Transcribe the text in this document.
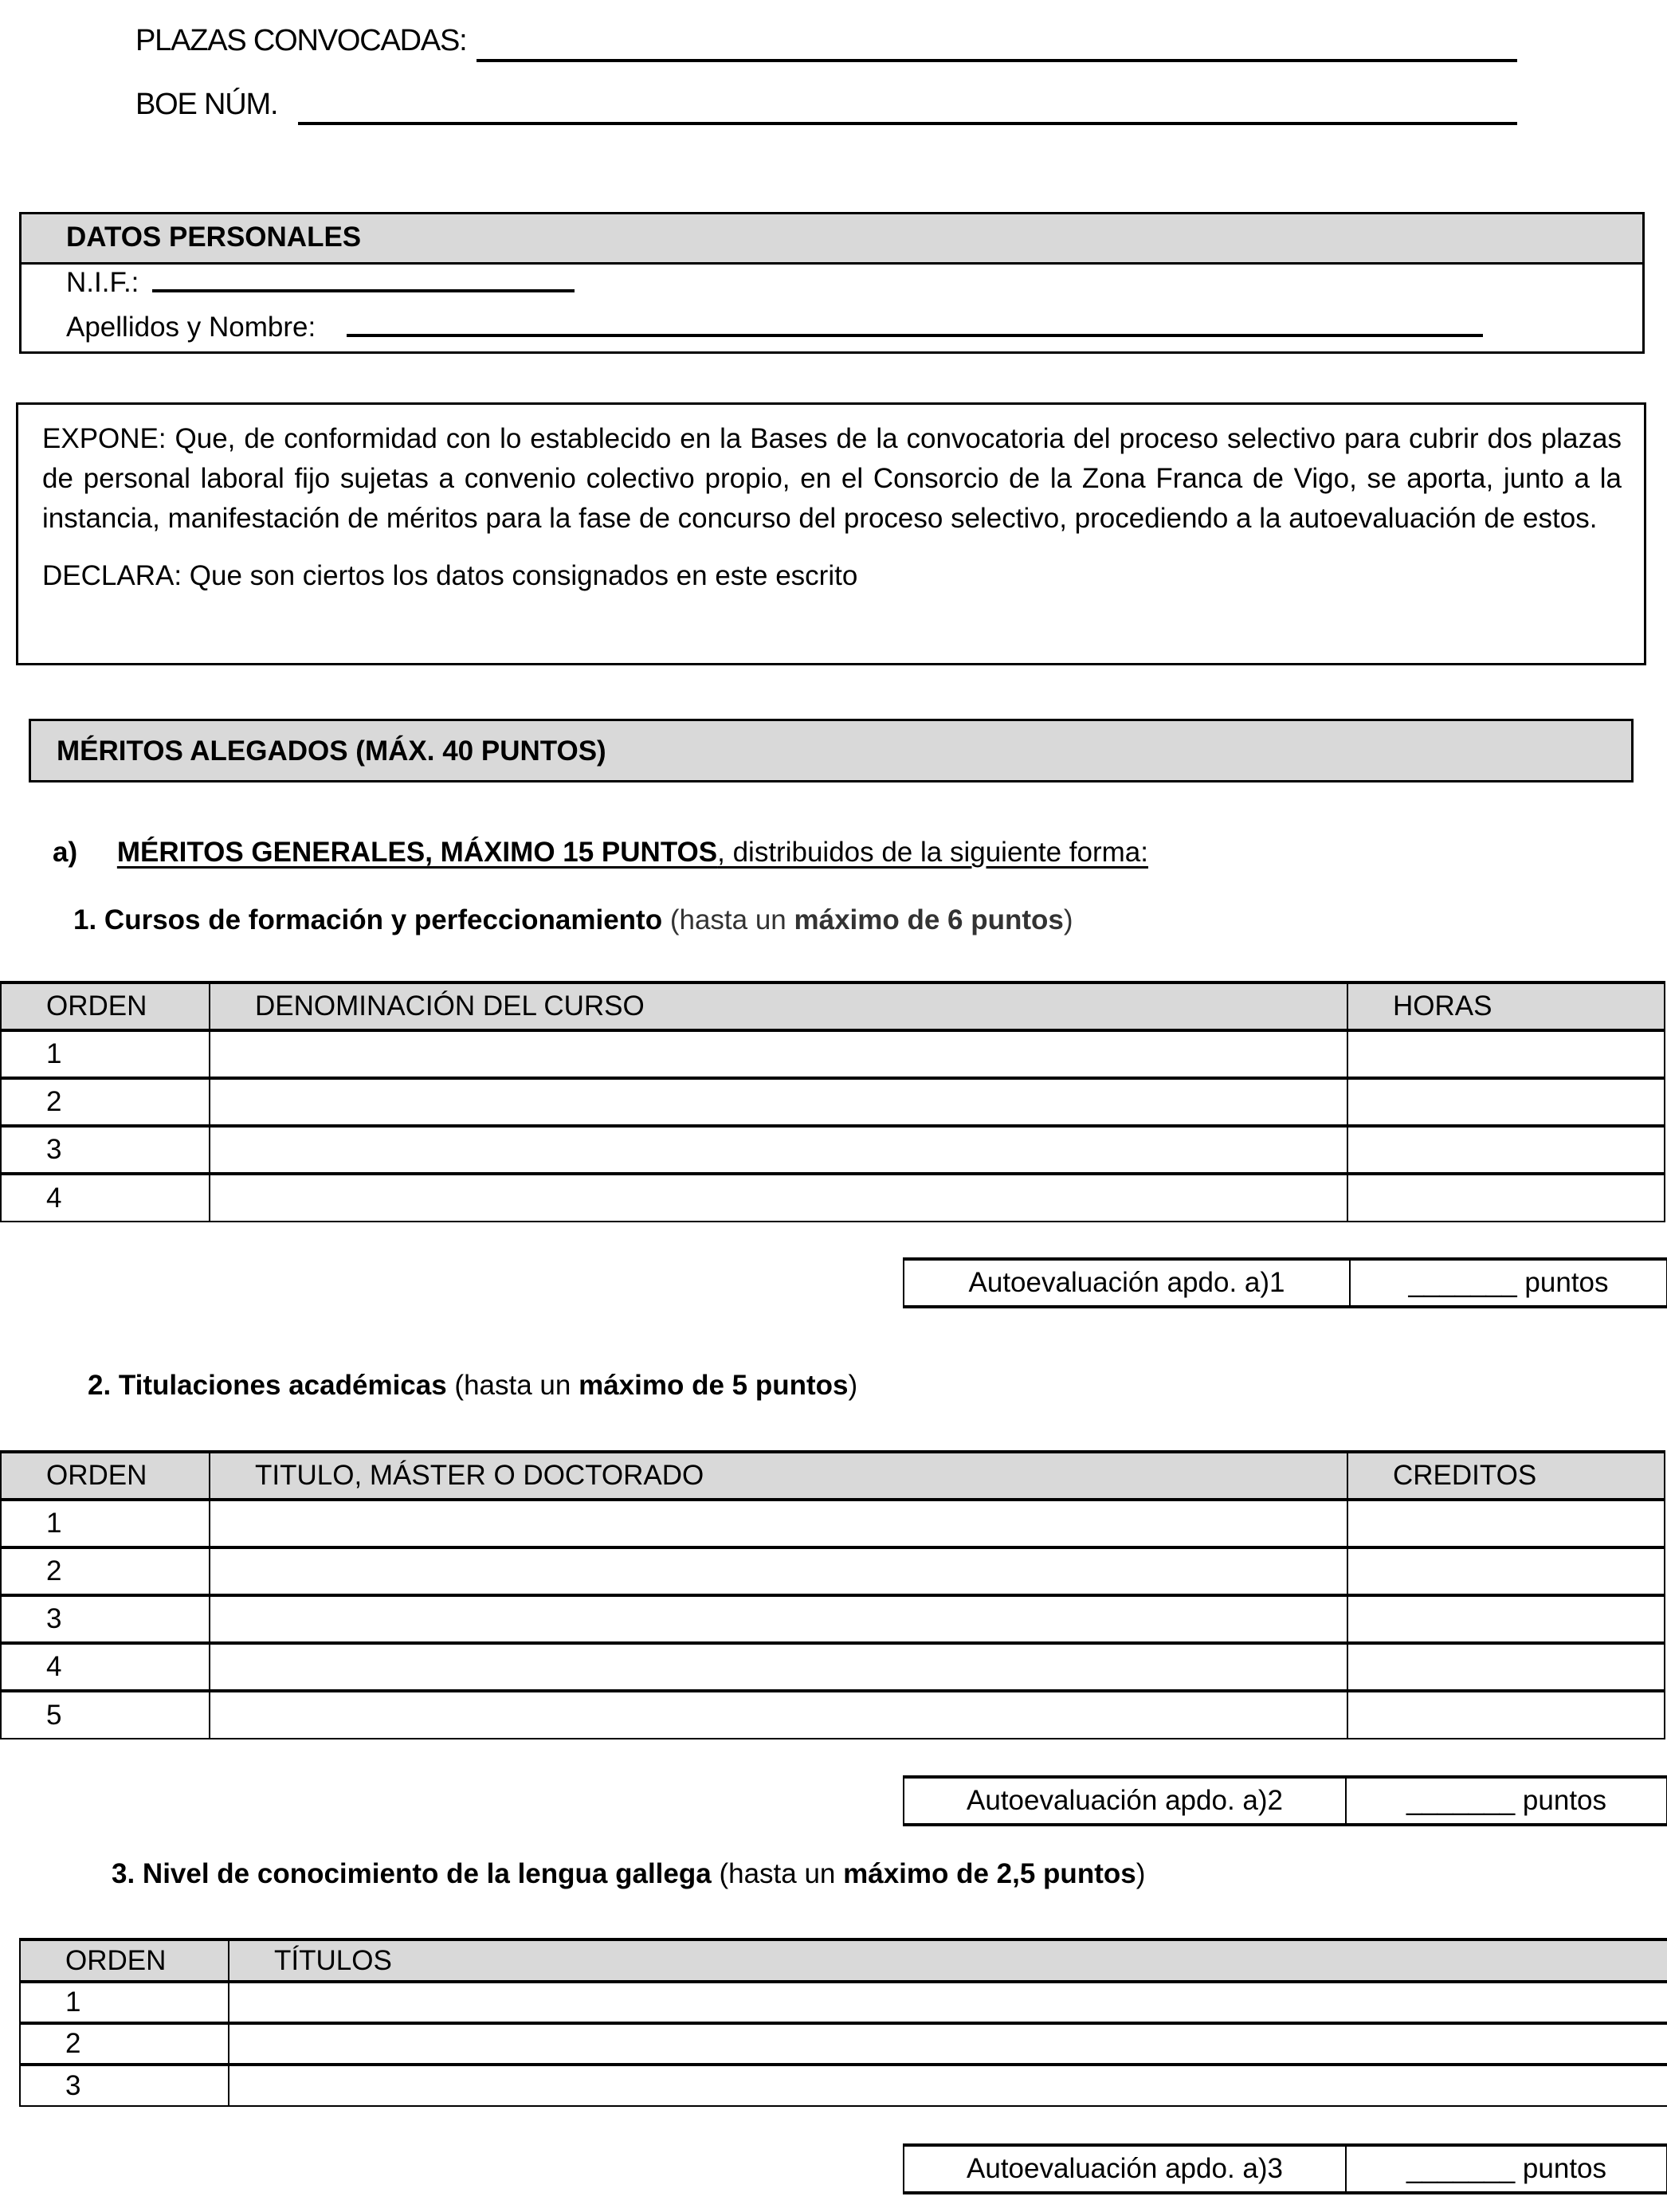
PLAZAS CONVOCADAS:
BOE NÚM.
DATOS PERSONALES
N.I.F.:
Apellidos y Nombre:

EXPONE: Que, de conformidad con lo establecido en la Bases de la convocatoria del proceso selectivo para cubrir dos plazas de personal laboral fijo sujetas a convenio colectivo propio, en el Consorcio de la Zona Franca de Vigo, se aporta, junto a la instancia, manifestación de méritos para la fase de concurso del proceso selectivo, procediendo a la autoevaluación de estos.

DECLARA: Que son ciertos los datos consignados en este escrito

MÉRITOS ALEGADOS (MÁX. 40 PUNTOS)
a) MÉRITOS GENERALES, MÁXIMO 15 PUNTOS, distribuidos de la siguiente forma:
1. Cursos de formación y perfeccionamiento (hasta un máximo de 6 puntos)
ORDEN	DENOMINACIÓN DEL CURSO	HORAS
1		
2		
3		
4		
Autoevaluación apdo. a)1	_______ puntos
2. Titulaciones académicas (hasta un máximo de 5 puntos)
ORDEN	TITULO, MÁSTER O DOCTORADO	CREDITOS
1		
2		
3		
4		
5		
Autoevaluación apdo. a)2	_______ puntos
3. Nivel de conocimiento de la lengua gallega (hasta un máximo de 2,5 puntos)
ORDEN	TÍTULOS
1	
2	
3	
Autoevaluación apdo. a)3	_______ puntos
